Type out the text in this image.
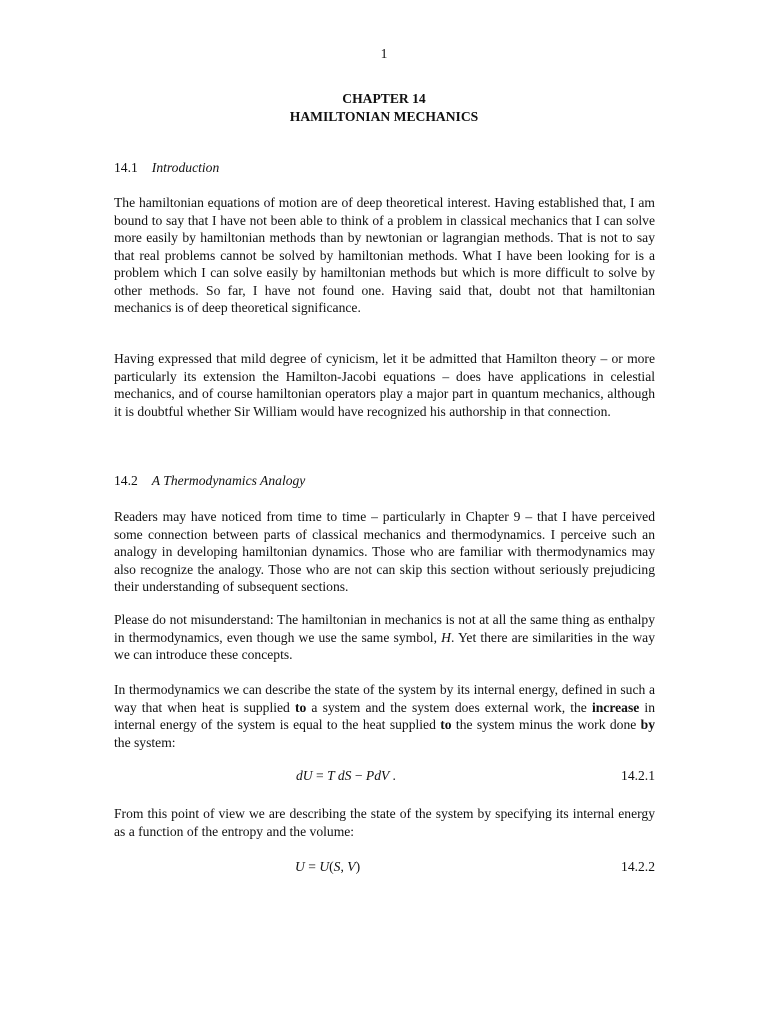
1
CHAPTER 14
HAMILTONIAN MECHANICS
14.1 Introduction

The hamiltonian equations of motion are of deep theoretical interest. Having established that, I am bound to say that I have not been able to think of a problem in classical mechanics that I can solve more easily by hamiltonian methods than by newtonian or lagrangian methods. That is not to say that real problems cannot be solved by hamiltonian methods. What I have been looking for is a problem which I can solve easily by hamiltonian methods but which is more difficult to solve by other methods. So far, I have not found one. Having said that, doubt not that hamiltonian mechanics is of deep theoretical significance.

Having expressed that mild degree of cynicism, let it be admitted that Hamilton theory – or more particularly its extension the Hamilton-Jacobi equations – does have applications in celestial mechanics, and of course hamiltonian operators play a major part in quantum mechanics, although it is doubtful whether Sir William would have recognized his authorship in that connection.

14.2 A Thermodynamics Analogy

Readers may have noticed from time to time – particularly in Chapter 9 – that I have perceived some connection between parts of classical mechanics and thermodynamics. I perceive such an analogy in developing hamiltonian dynamics. Those who are familiar with thermodynamics may also recognize the analogy. Those who are not can skip this section without seriously prejudicing their understanding of subsequent sections.

Please do not misunderstand: The hamiltonian in mechanics is not at all the same thing as enthalpy in thermodynamics, even though we use the same symbol, H. Yet there are similarities in the way we can introduce these concepts.

In thermodynamics we can describe the state of the system by its internal energy, defined in such a way that when heat is supplied to a system and the system does external work, the increase in internal energy of the system is equal to the heat supplied to the system minus the work done by the system:

dU = T dS − PdV .	14.2.1

From this point of view we are describing the state of the system by specifying its internal energy as a function of the entropy and the volume:

U = U(S, V)	14.2.2
